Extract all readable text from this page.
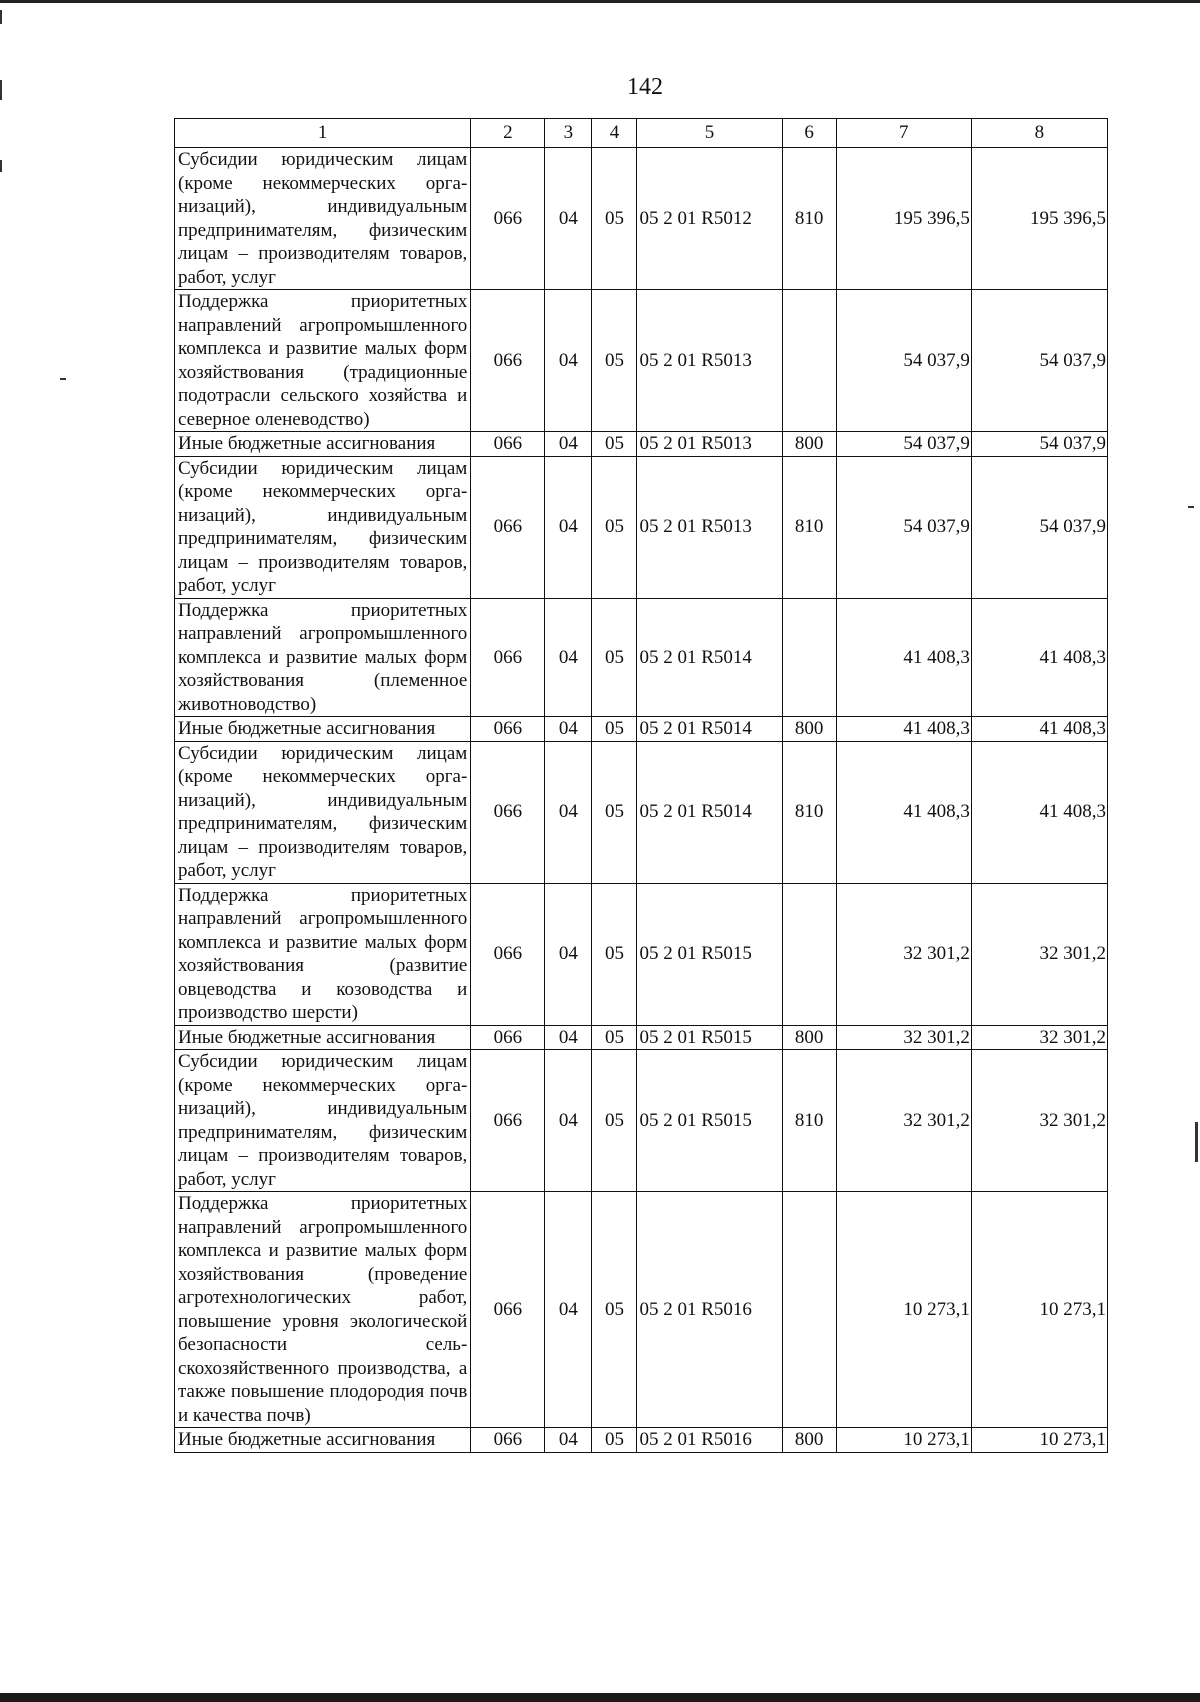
142
1	2	3	4	5	6	7	8
Субсидии юридическим лицам (кроме некоммерческих организаций), индивидуальным предпринимателям, физическим лицам – производителям товаров, работ, услуг	066	04	05	05 2 01 R5012	810	195 396,5	195 396,5
Поддержка приоритетных направлений агропромышленного комплекса и развитие малых форм хозяйствования (традиционные подотрасли сельского хозяйства и северное оленеводство)	066	04	05	05 2 01 R5013		54 037,9	54 037,9
Иные бюджетные ассигнования	066	04	05	05 2 01 R5013	800	54 037,9	54 037,9
Субсидии юридическим лицам (кроме некоммерческих организаций), индивидуальным предпринимателям, физическим лицам – производителям товаров, работ, услуг	066	04	05	05 2 01 R5013	810	54 037,9	54 037,9
Поддержка приоритетных направлений агропромышленного комплекса и развитие малых форм хозяйствования (племенное животноводство)	066	04	05	05 2 01 R5014		41 408,3	41 408,3
Иные бюджетные ассигнования	066	04	05	05 2 01 R5014	800	41 408,3	41 408,3
Субсидии юридическим лицам (кроме некоммерческих организаций), индивидуальным предпринимателям, физическим лицам – производителям товаров, работ, услуг	066	04	05	05 2 01 R5014	810	41 408,3	41 408,3
Поддержка приоритетных направлений агропромышленного комплекса и развитие малых форм хозяйствования (развитие овцеводства и козоводства и производство шерсти)	066	04	05	05 2 01 R5015		32 301,2	32 301,2
Иные бюджетные ассигнования	066	04	05	05 2 01 R5015	800	32 301,2	32 301,2
Субсидии юридическим лицам (кроме некоммерческих организаций), индивидуальным предпринимателям, физическим лицам – производителям товаров, работ, услуг	066	04	05	05 2 01 R5015	810	32 301,2	32 301,2
Поддержка приоритетных направлений агропромышленного комплекса и развитие малых форм хозяйствования (проведение агротехнологических работ, повышение уровня экологической безопасности сельскохозяйственного производства, а также повышение плодородия почв и качества почв)	066	04	05	05 2 01 R5016		10 273,1	10 273,1
Иные бюджетные ассигнования	066	04	05	05 2 01 R5016	800	10 273,1	10 273,1
